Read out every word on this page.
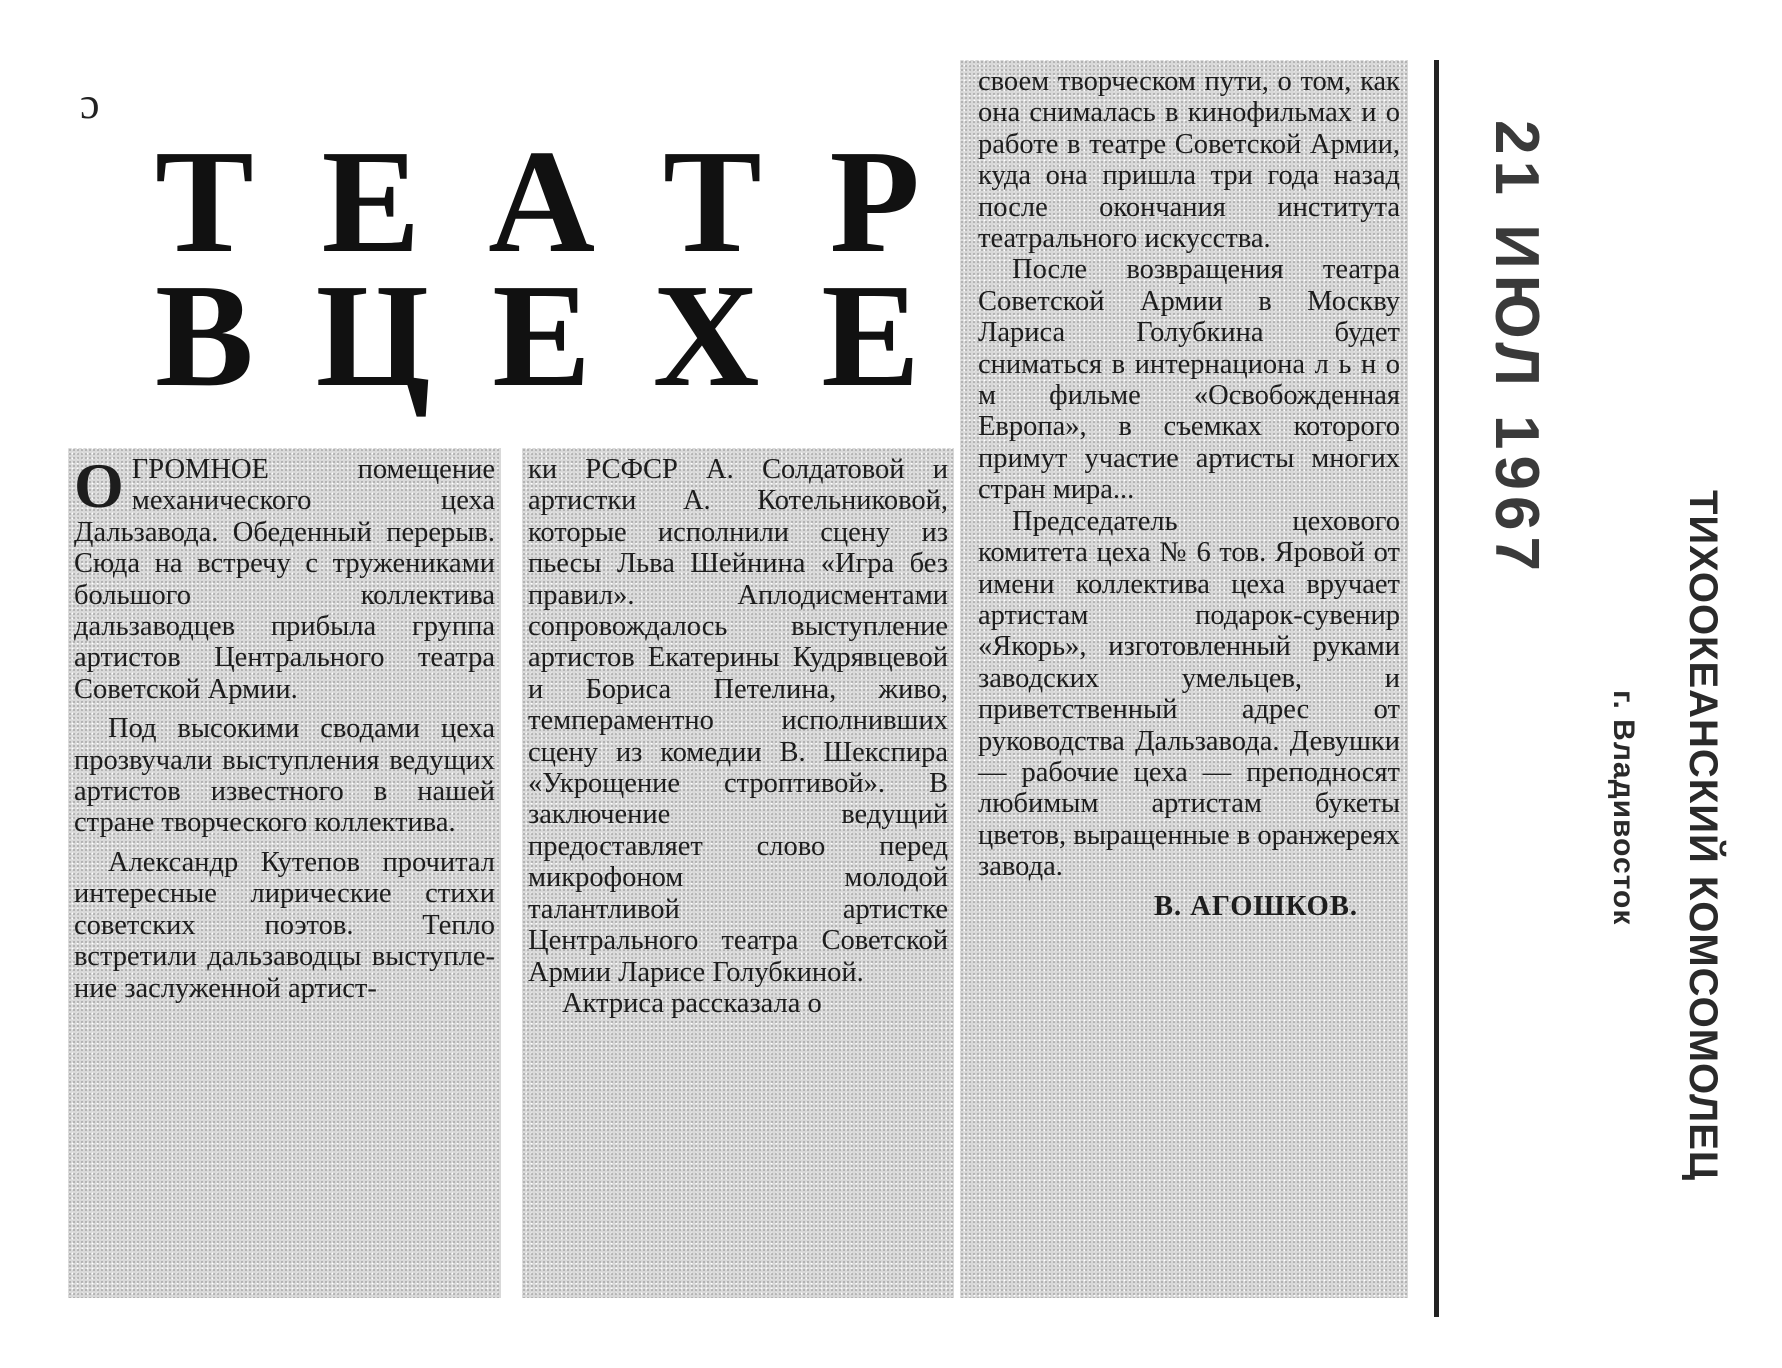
ɔ
Т Е А Т Р
В Ц Е Х Е

ОГРОМНОЕ помещение механического цеха Дальзавода. Обеденный перерыв. Сюда на встречу с тружениками большого коллектива дальзаводцев прибыла группа артистов Центрального театра Советской Армии.

Под высокими сводами цеха прозвучали выступления ведущих артистов известного в нашей стране творческого коллектива.

Александр Кутепов прочитал интересные лирические стихи советских поэтов. Тепло встретили дальзаводцы выступление заслуженной артист-

ки РСФСР А. Солдатовой и артистки А. Котельниковой, которые исполнили сцену из пьесы Льва Шейнина «Игра без правил». Аплодисментами сопровождалось выступление артистов Екатерины Кудрявцевой и Бориса Петелина, живо, темпераментно исполнивших сцену из комедии В. Шекспира «Укрощение строптивой». В заключение ведущий предоставляет слово перед микрофоном молодой талантливой артистке Центрального театра Советской Армии Ларисе Голубкиной.

Актриса рассказала о

своем творческом пути, о том, как она снималась в кинофильмах и о работе в театре Советской Армии, куда она пришла три года назад после окончания института театрального искусства.

После возвращения театра Советской Армии в Москву Лариса Голубкина будет сниматься в интернациона л ь н о м фильме «Освобожденная Европа», в съемках которого примут участие артисты многих стран мира...

Председатель цехового комитета цеха № 6 тов. Яровой от имени коллектива цеха вручает артистам подарок-сувенир «Якорь», изготовленный руками заводских умельцев, и приветственный адрес от руководства Дальзавода. Девушки — рабочие цеха — преподносят любимым артистам букеты цветов, выращенные в оранжереях завода.

В. АГОШКОВ.
21 ИЮЛ 1967
ТИХООКЕАНСКИЙ КОМСОМОЛЕЦ
г. Владивосток
